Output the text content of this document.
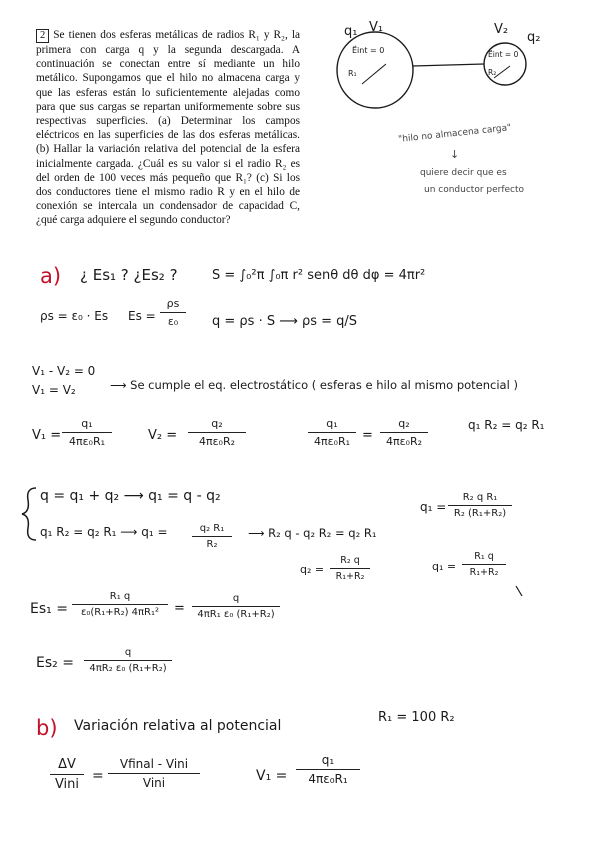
2 Se tienen dos esferas metálicas de radios R₁ y R₂, la primera con carga q y la segunda descargada. A continuación se conectan entre sí mediante un hilo metálico. Supongamos que el hilo no almacena carga y que las esferas están lo suficientemente alejadas como para que sus cargas se repartan uniformemente sobre sus respectivas superficies. (a) Determinar los campos eléctricos en las superficies de las dos esferas metálicas. (b) Hallar la variación relativa del potencial de la esfera inicialmente cargada. ¿Cuál es su valor si el radio R₂ es del orden de 100 veces más pequeño que R₁? (c) Si los dos conductores tiene el mismo radio R y en el hilo de conexión se intercala un condensador de capacidad C, ¿qué carga adquiere el segundo conductor?
q₁ V₁	V₂
q₂
E⃗int = 0	E⃗int = 0
R₁	R₂
"hilo no almacena carga"
↓
quiere decir que es
un conductor perfecto
a) ¿ Es₁ ? ¿Es₂ ?	S = ∫₀²π ∫₀π r² senθ dθ dφ = 4πr²
ρs = ε₀ · Es Es =
ρs
ε₀	q = ρs · S ⟶ ρs = q/S
V₁ - V₂ = 0
V₁ = V₂	⟶ Se cumple el eq. electrostático ( esferas e hilo al mismo potencial )
V₁ =
q₁
4πε₀R₁	V₂ =
q₂
4πε₀R₂
q₁
4πε₀R₁ =
q₂
4πε₀R₂
q₁ R₂ = q₂ R₁
q = q₁ + q₂ ⟶ q₁ = q - q₂
q₁ R₂ = q₂ R₁ ⟶ q₁ =	q₂ R₁
R₂
⟶ R₂ q - q₂ R₂ = q₂ R₁
q₁ =
R₂ q R₁
R₂ (R₁+R₂)
q₂ =
R₂ q
R₁+R₂
q₁ =
R₁ q
R₁+R₂
Es₁ =
R₁ q
ε₀(R₁+R₂) 4πR₁²	=
q
4πR₁ ε₀ (R₁+R₂)
Es₂ =
q
4πR₂ ε₀ (R₁+R₂)
b) Variación relativa al potencial
R₁ = 100 R₂
ΔV
Vini
=
Vfinal - Vini
Vini	V₁ =
q₁
4πε₀R₁
